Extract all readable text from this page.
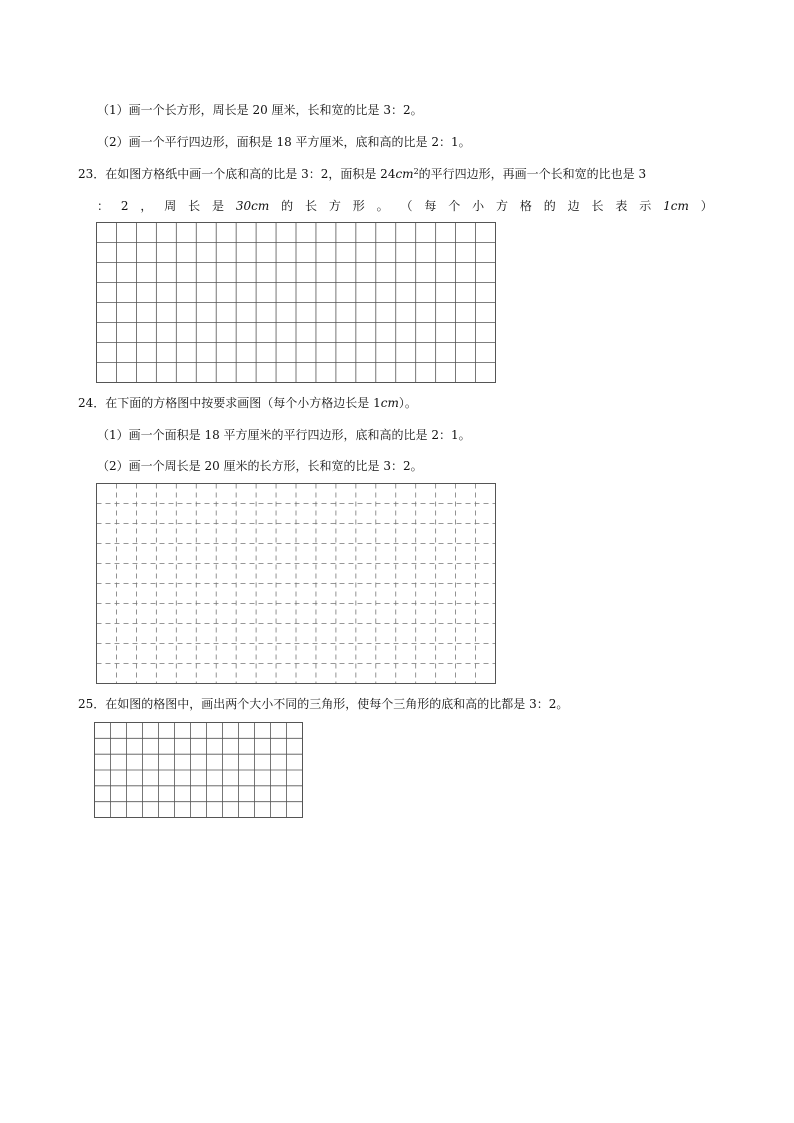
（1）画一个长方形，周长是 20 厘米，长和宽的比是 3：2。
（2）画一个平行四边形，面积是 18 平方厘米，底和高的比是 2：1。
23．在如图方格纸中画一个底和高的比是 3：2，面积是 $24cm^2$的平行四边形，再画一个长和宽的比也是 3
： 2 ， 周 长 是 30cm 的 长 方 形 。 （ 每 个 小 方 格 的 边 长 表 示 1cm ）
24．在下面的方格图中按要求画图（每个小方格边长是 1cm）。
（1）画一个面积是 18 平方厘米的平行四边形，底和高的比是 2：1。
（2）画一个周长是 20 厘米的长方形，长和宽的比是 3：2。
25．在如图的格图中，画出两个大小不同的三角形，使每个三角形的底和高的比都是 3：2。
